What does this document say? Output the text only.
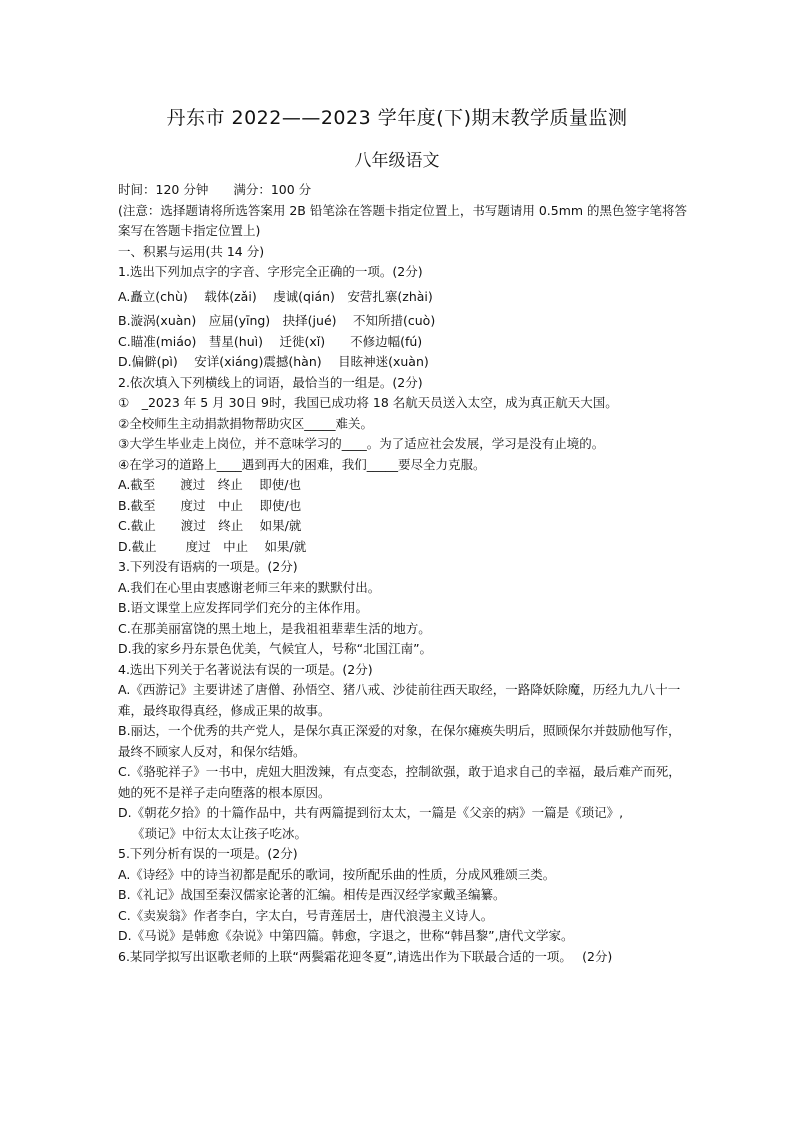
丹东市 2022——2023 学年度(下)期末教学质量监测
八年级语文
时间：120 分钟　　满分：100 分
(注意：选择题请将所选答案用 2B 铅笔涂在答题卡指定位置上，书写题请用 0.5mm 的黑色签字笔将答案写在答题卡指定位置上)
一、积累与运用(共 14 分)
1.选出下列加点字的字音、字形完全正确的一项。(2分)
A.矗立(chù)　 载体(zǎi)　 虔诚(qián)　安营扎寨(zhài)
B.漩涡(xuàn)　应届(yīng)　抉择(jué)　 不知所措(cuò)
C.瞄准(miáo)　彗星(huì)　 迁徙(xǐ)　　不修边幅(fú)
D.偏僻(pì)　 安详(xiáng)震撼(hàn)　 目眩神迷(xuàn)
2.依次填入下列横线上的词语，最恰当的一组是。(2分)
①　_2023 年 5 月 30日 9时，我国已成功将 18 名航天员送入太空，成为真正航天大国。
②全校师生主动捐款捐物帮助灾区_____难关。
③大学生毕业走上岗位，并不意味学习的____。为了适应社会发展，学习是没有止境的。
④在学习的道路上____遇到再大的困难，我们_____要尽全力克服。
A.截至　　渡过　终止　 即使/也
B.截至　　度过　中止　 即使/也
C.截止　　渡过　终止　 如果/就
D.截止　　 度过　中止　 如果/就
3.下列没有语病的一项是。(2分)
A.我们在心里由衷感谢老师三年来的默默付出。
B.语文课堂上应发挥同学们充分的主体作用。
C.在那美丽富饶的黑土地上，是我祖祖辈辈生活的地方。
D.我的家乡丹东景色优美，气候宜人，号称“北国江南”。
4.选出下列关于名著说法有误的一项是。(2分)
A.《西游记》主要讲述了唐僧、孙悟空、猪八戒、沙徒前往西天取经，一路降妖除魔，历经九九八十一难，最终取得真经，修成正果的故事。
B.丽达，一个优秀的共产党人，是保尔真正深爱的对象，在保尔瘫痪失明后，照顾保尔并鼓励他写作，最终不顾家人反对，和保尔结婚。
C.《骆驼祥子》一书中，虎妞大胆泼辣，有点变态，控制欲强，敢于追求自己的幸福，最后难产而死，她的死不是祥子走向堕落的根本原因。
D.《朝花夕拾》的十篇作品中，共有两篇提到衍太太，一篇是《父亲的病》一篇是《琐记》,
《琐记》中衍太太让孩子吃冰。
5.下列分析有误的一项是。(2分)
A.《诗经》中的诗当初都是配乐的歌词，按所配乐曲的性质，分成风雅颂三类。
B.《礼记》战国至秦汉儒家论著的汇编。相传是西汉经学家戴圣编纂。
C.《卖炭翁》作者李白，字太白，号青莲居士，唐代浪漫主义诗人。
D.《马说》是韩愈《杂说》中第四篇。韩愈，字退之，世称“韩昌黎”,唐代文学家。
6.某同学拟写出讴歌老师的上联“两鬓霜花迎冬夏”,请选出作为下联最合适的一项。　 (2分)
